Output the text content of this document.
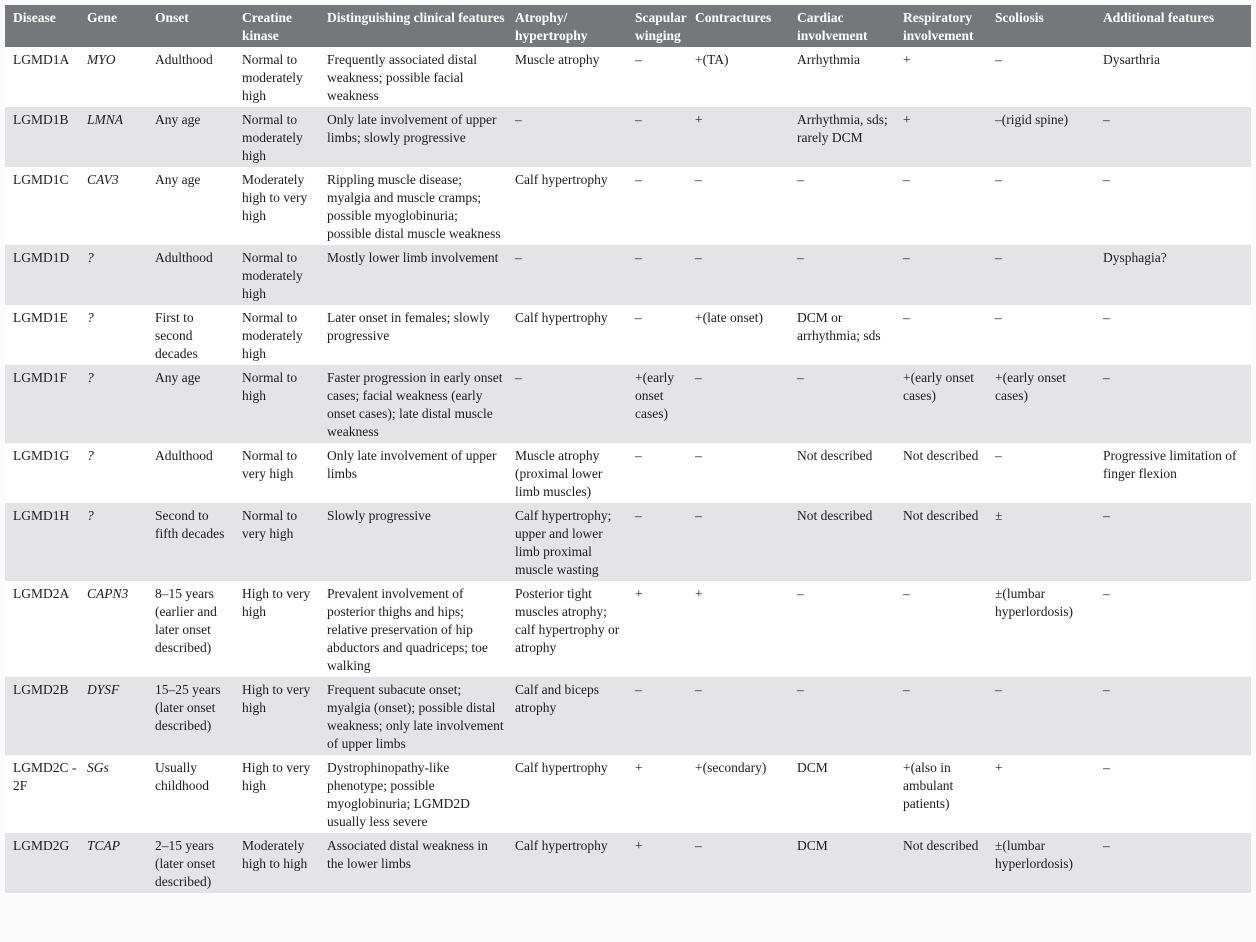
Disease	Gene	Onset	Creatine kinase	Distinguishing clinical features	Atrophy/​hypertrophy	Scapular winging	Contractures	Cardiac involvement	Respiratory involvement	Scoliosis	Additional features
LGMD1A	MYO	Adulthood	Normal to moderately high	Frequently associated distal weakness; possible facial weakness	Muscle atrophy	–	+(TA)	Arrhythmia	+	–	Dysarthria
LGMD1B	LMNA	Any age	Normal to moderately high	Only late involvement of upper limbs; slowly progressive	–	–	+	Arrhythmia, sds; rarely DCM	+	–(rigid spine)	–
LGMD1C	CAV3	Any age	Moderately high to very high	Rippling muscle disease; myalgia and muscle cramps; possible myoglobinuria; possible distal muscle weakness	Calf hypertrophy	–	–	–	–	–	–
LGMD1D	?	Adulthood	Normal to moderately high	Mostly lower limb involvement	–	–	–	–	–	–	Dysphagia?
LGMD1E	?	First to second decades	Normal to moderately high	Later onset in females; slowly progressive	Calf hypertrophy	–	+(late onset)	DCM or arrhythmia; sds	–	–	–
LGMD1F	?	Any age	Normal to high	Faster progression in early onset cases; facial weakness (early onset cases); late distal muscle weakness	–	+(early onset cases)	–	–	+(early onset cases)	+(early onset cases)	–
LGMD1G	?	Adulthood	Normal to very high	Only late involvement of upper limbs	Muscle atrophy (proximal lower limb muscles)	–	–	Not described	Not described	–	Progressive limitation of finger flexion
LGMD1H	?	Second to fifth decades	Normal to very high	Slowly progressive	Calf hypertrophy; upper and lower limb proximal muscle wasting	–	–	Not described	Not described	±	–
LGMD2A	CAPN3	8–15 years (earlier and later onset described)	High to very high	Prevalent involvement of posterior thighs and hips; relative preservation of hip abductors and quadriceps; toe walking	Posterior tight muscles atrophy; calf hypertrophy or atrophy	+	+	–	–	±(lumbar hyperlordosis)	–
LGMD2B	DYSF	15–25 years (later onset described)	High to very high	Frequent subacute onset; myalgia (onset); possible distal weakness; only late involvement of upper limbs	Calf and biceps atrophy	–	–	–	–	–	–
LGMD2C - 2F	SGs	Usually childhood	High to very high	Dystrophinopathy-like phenotype; possible myoglobinuria; LGMD2D usually less severe	Calf hypertrophy	+	+(secondary)	DCM	+(also in ambulant patients)	+	–
LGMD2G	TCAP	2–15 years (later onset described)	Moderately high to high	Associated distal weakness in the lower limbs	Calf hypertrophy	+	–	DCM	Not described	±(lumbar hyperlordosis)	–
